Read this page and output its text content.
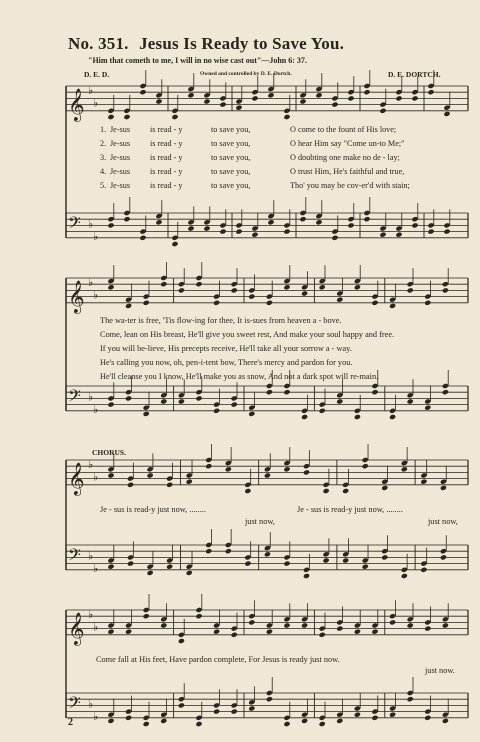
No. 351. Jesus Is Ready to Save You.
"Him that cometh to me, I will in no wise cast out"—John 6: 37.
D. E. D.	Owned and controlled by D. E. Dortch.	D. E. DORTCH.
𝄞 ♭
♭
𝄢 ♭
♭
𝄞 ♭
♭
𝄢 ♭
♭
𝄞 ♭
♭
𝄢 ♭
♭
𝄞 ♭
♭
𝄢 ♭
♭
1. Je-sus is read - y	to save you,	O come to the fount of His love;
2. Je-sus is read - y	to save you,	O hear Him say "Come un-to Me;"
3. Je-sus is read - y	to save you,	O doubting one make no de - lay;
4. Je-sus is read - y	to save you,	O trust Him, He's faithful and true,
5. Je-sus is read - y	to save you,	Tho' you may be cov-er'd with stain;
The wa-ter is free, 'Tis flow-ing for thee, It is-sues from heaven a - bove.
Come, lean on His breast, He'll give you sweet rest, And make your soul happy and free.
If you will be-lieve, His precepts receive, He'll take all your sorrow a - way.
He's calling you now, oh, pen-i-tent bow, There's mercy and pardon for you.
He'll cleanse you I know, He'll make you as snow, And not a dark spot will re-main.
CHORUS.
Je - sus is read-y just now, ........	Je - sus is read-y just now, ........
just now,	just now,
Come fall at His feet, Have pardon complete, For Jesus is ready just now.
just now.
2
